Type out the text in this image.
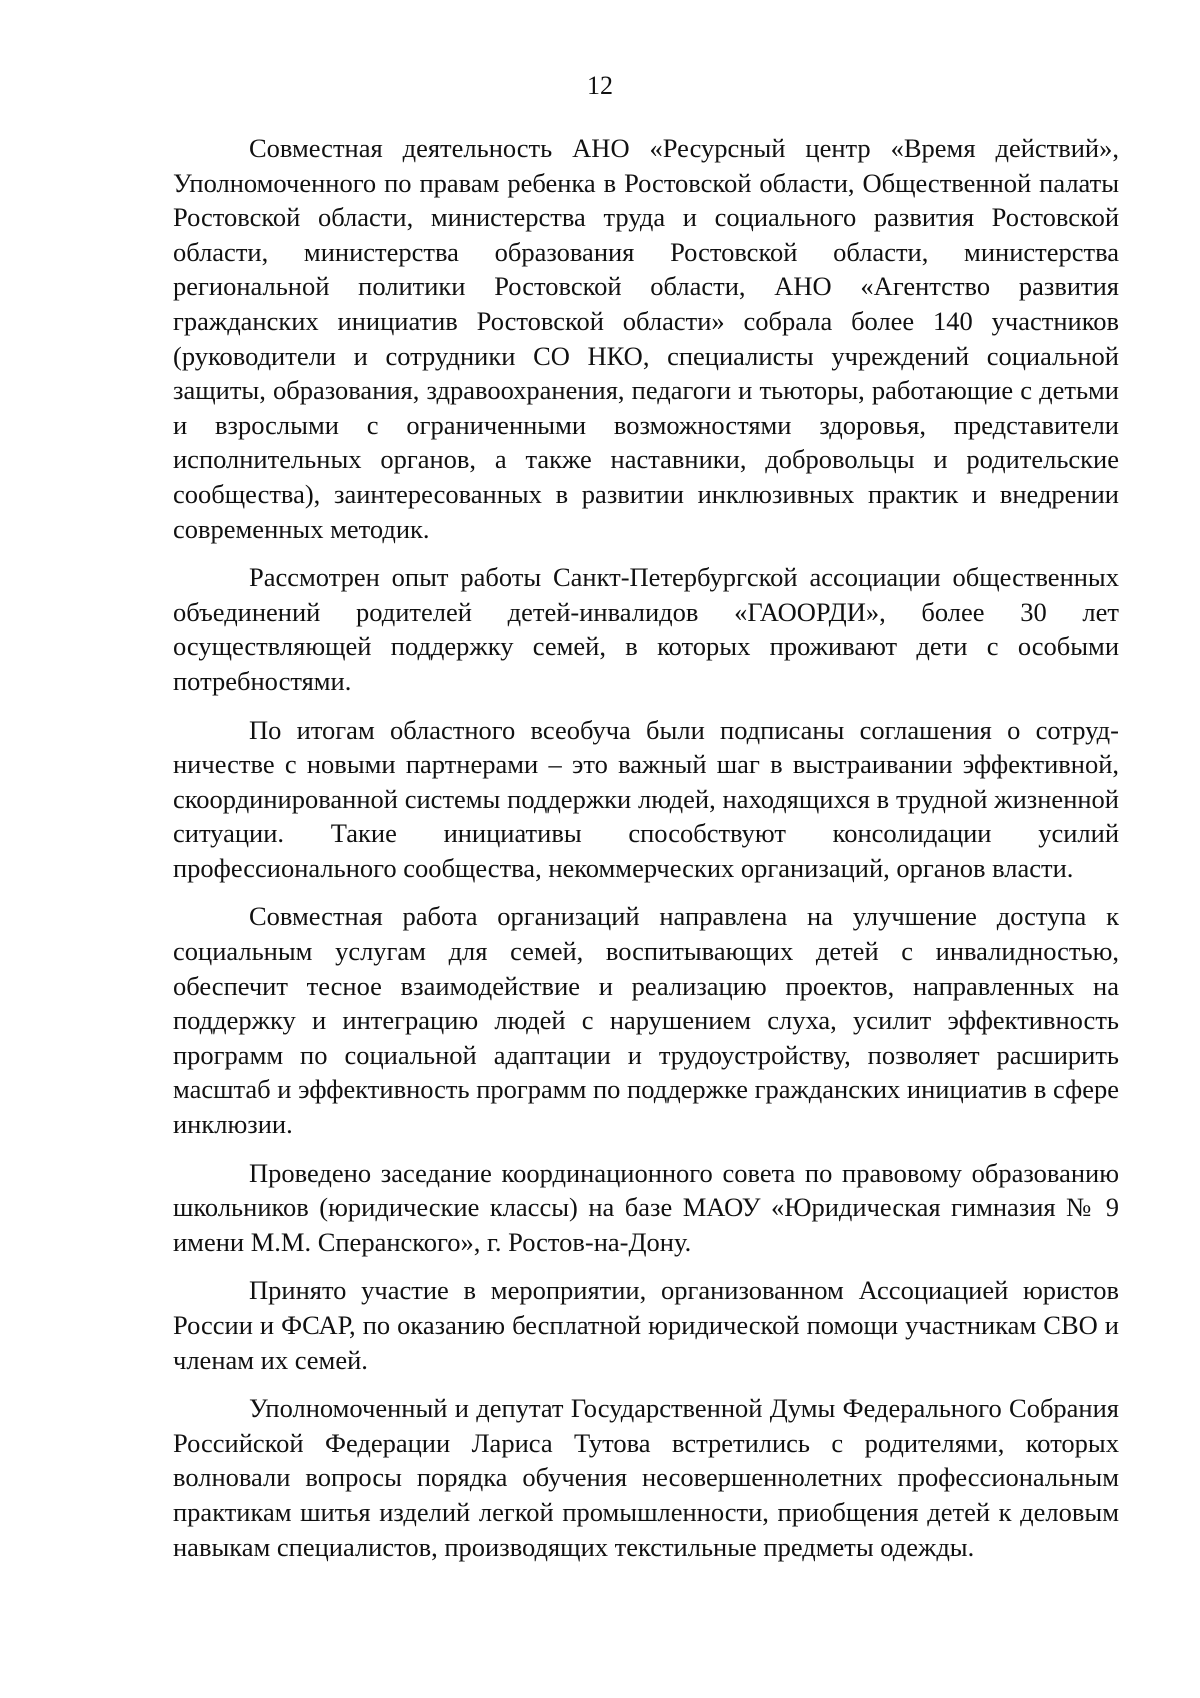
12

Совместная деятельность АНО «Ресурсный центр «Время действий», Уполномоченного по правам ребенка в Ростовской области, Общественной палаты Ростовской области, министерства труда и социального развития Ростовской области, министерства образования Ростовской области, министерства региональной политики Ростовской области, АНО «Агентство развития гражданских инициатив Ростовской области» собрала более 140 участников (руководители и сотрудники СО НКО, специалисты учреждений социальной защиты, образования, здравоохранения, педагоги и тьюторы, работающие с детьми и взрослыми с ограниченными возможностями здоровья, представители исполнительных органов, а также наставники, добровольцы и родительские сообщества), заинтересованных в развитии инклюзивных практик и внедрении современных методик.

Рассмотрен опыт работы Санкт-Петербургской ассоциации общественных объединений родителей детей-инвалидов «ГАООРДИ», более 30 лет осуществляющей поддержку семей, в которых проживают дети с особыми потребностями.

По итогам областного всеобуча были подписаны соглашения о сотрудничестве с новыми партнерами – это важный шаг в выстраивании эффективной, скоординированной системы поддержки людей, находящихся в трудной жизненной ситуации. Такие инициативы способствуют консолидации усилий профессионального сообщества, некоммерческих организаций, органов власти.

Совместная работа организаций направлена на улучшение доступа к социальным услугам для семей, воспитывающих детей с инвалидностью, обеспечит тесное взаимодействие и реализацию проектов, направленных на поддержку и интеграцию людей с нарушением слуха, усилит эффективность программ по социальной адаптации и трудоустройству, позволяет расширить масштаб и эффективность программ по поддержке гражданских инициатив в сфере инклюзии.

Проведено заседание координационного совета по правовому образованию школьников (юридические классы) на базе МАОУ «Юридическая гимназия № 9 имени М.М. Сперанского», г. Ростов-на-Дону.

Принято участие в мероприятии, организованном Ассоциацией юристов России и ФСАР, по оказанию бесплатной юридической помощи участникам СВО и членам их семей.

Уполномоченный и депутат Государственной Думы Федерального Собрания Российской Федерации Лариса Тутова встретились с родителями, которых волновали вопросы порядка обучения несовершеннолетних профессиональным практикам шитья изделий легкой промышленности, приобщения детей к деловым навыкам специалистов, производящих текстильные предметы одежды.
